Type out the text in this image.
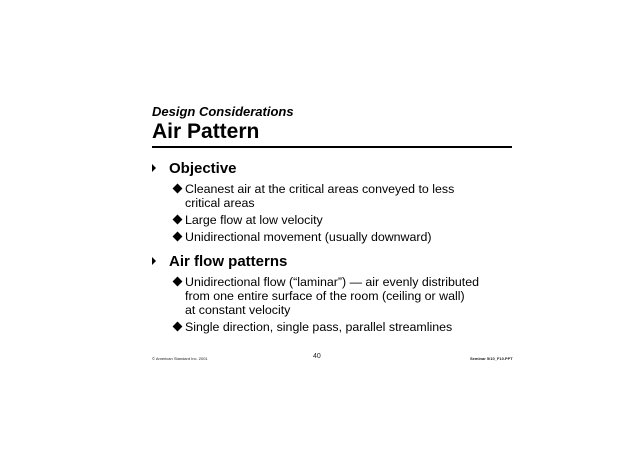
Design Considerations
Air Pattern
Objective
Cleanest air at the critical areas conveyed to less
critical areas
Large flow at low velocity
Unidirectional movement (usually downward)
Air flow patterns
Unidirectional flow (“laminar”) — air evenly distributed
from one entire surface of the room (ceiling or wall)
at constant velocity
Single direction, single pass, parallel streamlines
© American Standard Inc. 2001	40	Seminar 5/10_F10.PPT
